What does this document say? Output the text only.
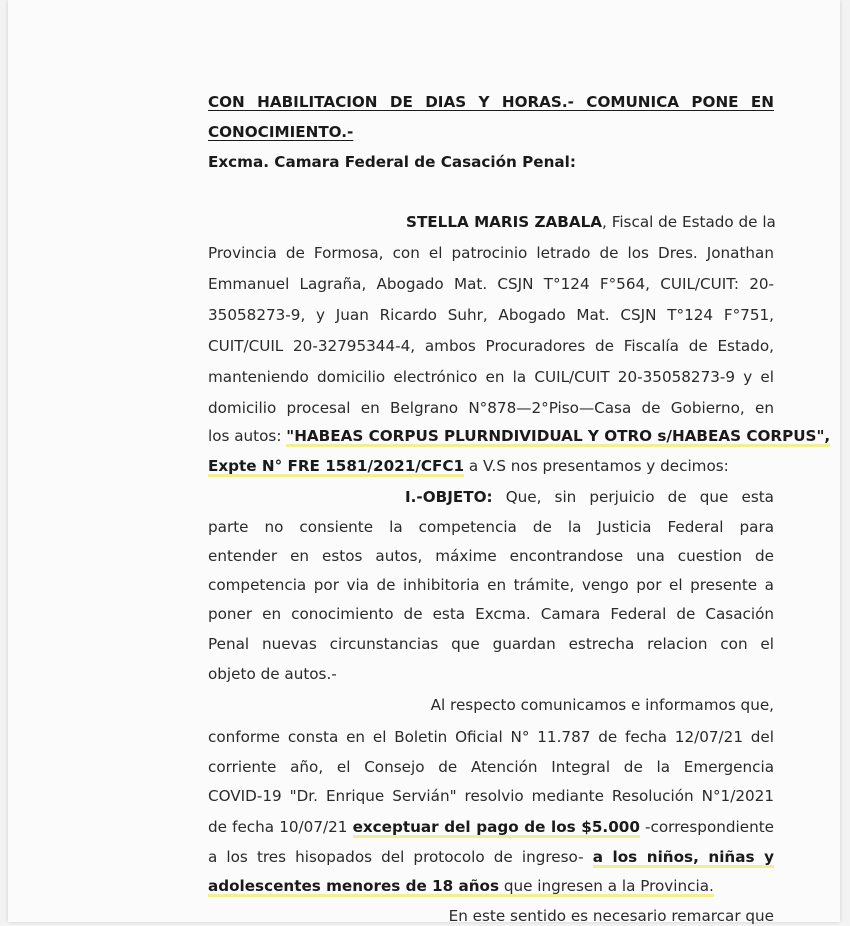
CON HABILITACION DE DIAS Y HORAS.- COMUNICA PONE EN
CONOCIMIENTO.-
Excma. Camara Federal de Casación Penal:
STELLA MARIS ZABALA, Fiscal de Estado de la
Provincia de Formosa, con el patrocinio letrado de los Dres. Jonathan
Emmanuel Lagraña, Abogado Mat. CSJN T°124 F°564, CUIL/CUIT: 20-
35058273-9, y Juan Ricardo Suhr, Abogado Mat. CSJN T°124 F°751,
CUIT/CUIL 20-32795344-4, ambos Procuradores de Fiscalía de Estado,
manteniendo domicilio electrónico en la CUIL/CUIT 20-35058273-9 y el
domicilio procesal en Belgrano N°878—2°Piso—Casa de Gobierno, en
los autos: "HABEAS CORPUS PLURNDIVIDUAL Y OTRO s/HABEAS CORPUS",
Expte N° FRE 1581/2021/CFC1 a V.S nos presentamos y decimos:
I.-OBJETO: Que, sin perjuicio de que esta
parte no consiente la competencia de la Justicia Federal para
entender en estos autos, máxime encontrandose una cuestion de
competencia por via de inhibitoria en trámite, vengo por el presente a
poner en conocimiento de esta Excma. Camara Federal de Casación
Penal nuevas circunstancias que guardan estrecha relacion con el
objeto de autos.-
Al respecto comunicamos e informamos que,
conforme consta en el Boletin Oficial N° 11.787 de fecha 12/07/21 del
corriente año, el Consejo de Atención Integral de la Emergencia
COVID-19 "Dr. Enrique Servián" resolvio mediante Resolución N°1/2021
de fecha 10/07/21 exceptuar del pago de los $5.000 -correspondiente
a los tres hisopados del protocolo de ingreso- a los niños, niñas y
adolescentes menores de 18 años que ingresen a la Provincia.
En este sentido es necesario remarcar que
